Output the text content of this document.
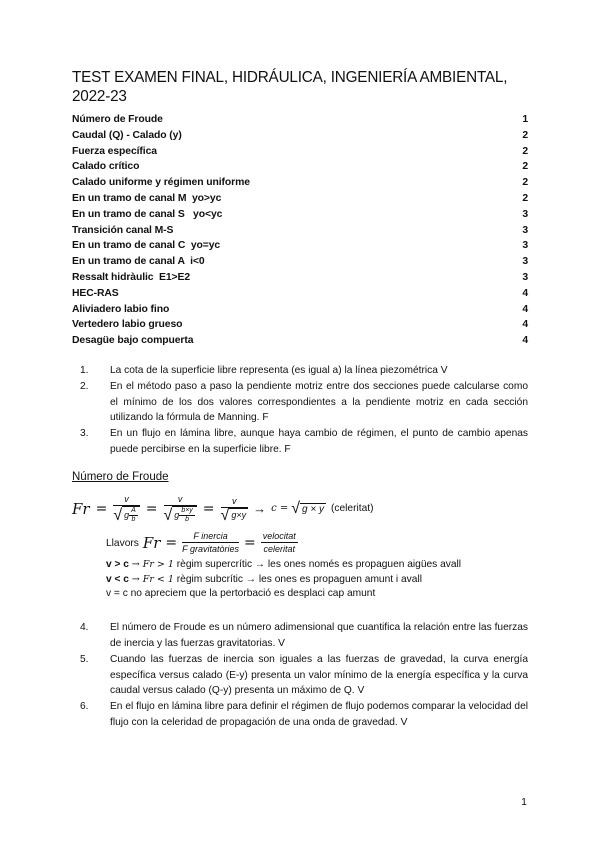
TEST EXAMEN FINAL, HIDRÁULICA, INGENIERÍA AMBIENTAL, 2022-23
Número de Froude	1
Caudal (Q) - Calado (y)	2
Fuerza específica	2
Calado crítico	2
Calado uniforme y régimen uniforme	2
En un tramo de canal M  yo>yc	2
En un tramo de canal S   yo<yc	3
Transición canal M-S	3
En un tramo de canal C  yo=yc	3
En un tramo de canal A  i<0	3
Ressalt hidràulic  E1>E2	3
HEC-RAS	4
Aliviadero labio fino	4
Vertedero labio grueso	4
Desagüe bajo compuerta	4
1.	La cota de la superficie libre representa (es igual a) la línea piezométrica V
2.	En el método paso a paso la pendiente motriz entre dos secciones puede calcularse como el mínimo de los dos valores correspondientes a la pendiente motriz en cada sección utilizando la fórmula de Manning. F
3.	En un flujo en lámina libre, aunque haya cambio de régimen, el punto de cambio apenas puede percibirse en la superficie libre. F
Número de Froude
$Fr = \frac{v}{√ g \frac{A}{b}} = \frac{v}{√ g \frac{b\times y}{b}} = \frac{v}{√ g\times y} \to c$ = √ g × y (celeritat)
Llavors $Fr = \frac{\text{F inercia}}{\text{F gravitatòries}} = \frac{\text{velocitat}}{\text{celeritat}}$
v > c → Fr > 1 règim supercrític → les ones només es propaguen aigües avall
v < c → Fr < 1 règim subcrític → les ones es propaguen amunt i avall
v = c no apreciem que la pertorbació es desplaci cap amunt
4.	El número de Froude es un número adimensional que cuantifica la relación entre las fuerzas de inercia y las fuerzas gravitatorias. V
5.	Cuando las fuerzas de inercia son iguales a las fuerzas de gravedad, la curva energía específica versus calado (E-y) presenta un valor mínimo de la energía específica y la curva caudal versus calado (Q-y) presenta un máximo de Q. V
6.	En el flujo en lámina libre para definir el régimen de flujo podemos comparar la velocidad del flujo con la celeridad de propagación de una onda de gravedad. V
1
